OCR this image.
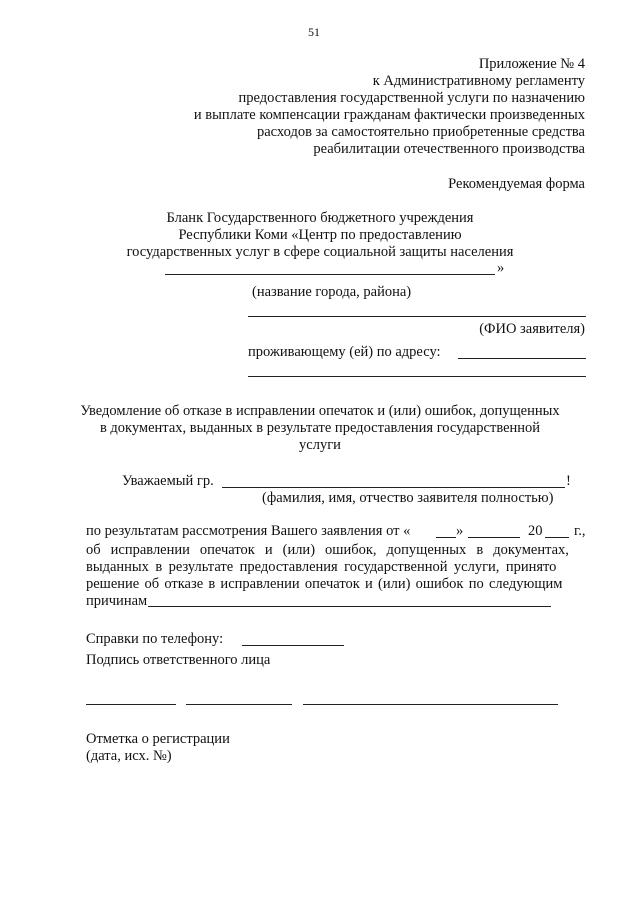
51
Приложение № 4
к Административному регламенту
предоставления государственной услуги по назначению
и выплате компенсации гражданам фактически произведенных
расходов за самостоятельно приобретенные средства
реабилитации отечественного производства
Рекомендуемая форма
Бланк Государственного бюджетного учреждения
Республики Коми «Центр по предоставлению
государственных услуг в сфере социальной защиты населения
»
(название города, района)
(ФИО заявителя)
проживающему (ей) по адресу:
Уведомление об отказе в исправлении опечаток и (или) ошибок, допущенных
в документах, выданных в результате предоставления государственной
услуги
Уважаемый гр.	!
(фамилия, имя, отчество заявителя полностью)
по результатам рассмотрения Вашего заявления от «	»	20 г.,
об исправлении опечаток и (или) ошибок, допущенных в документах,
выданных в результате предоставления государственной услуги, принято
решение об отказе в исправлении опечаток и (или) ошибок по следующим
причинам
Справки по телефону:
Подпись ответственного лица
Отметка о регистрации
(дата, исх. №)
